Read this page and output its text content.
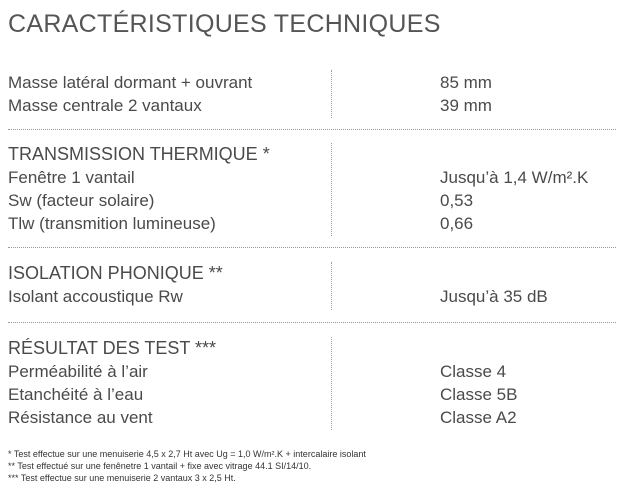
CARACTÉRISTIQUES TECHNIQUES
Masse latéral dormant + ouvrant	85 mm
Masse centrale 2 vantaux	39 mm
TRANSMISSION THERMIQUE *
Fenêtre 1 vantail	Jusqu’à 1,4 W/m².K
Sw (facteur solaire)	0,53
Tlw (transmition lumineuse)	0,66
ISOLATION PHONIQUE **
Isolant accoustique Rw	Jusqu’à 35 dB
RÉSULTAT DES TEST ***
Perméabilité à l’air	Classe 4
Etanchéité à l’eau	Classe 5B
Résistance au vent	Classe A2
* Test effectue sur une menuiserie 4,5 x 2,7 Ht avec Ug = 1,0 W/m².K + intercalaire isolant
** Test effectué sur une fenênetre 1 vantail + fixe avec vitrage 44.1 SI/14/10.
*** Test effectue sur une menuiserie 2 vantaux 3 x 2,5 Ht.
